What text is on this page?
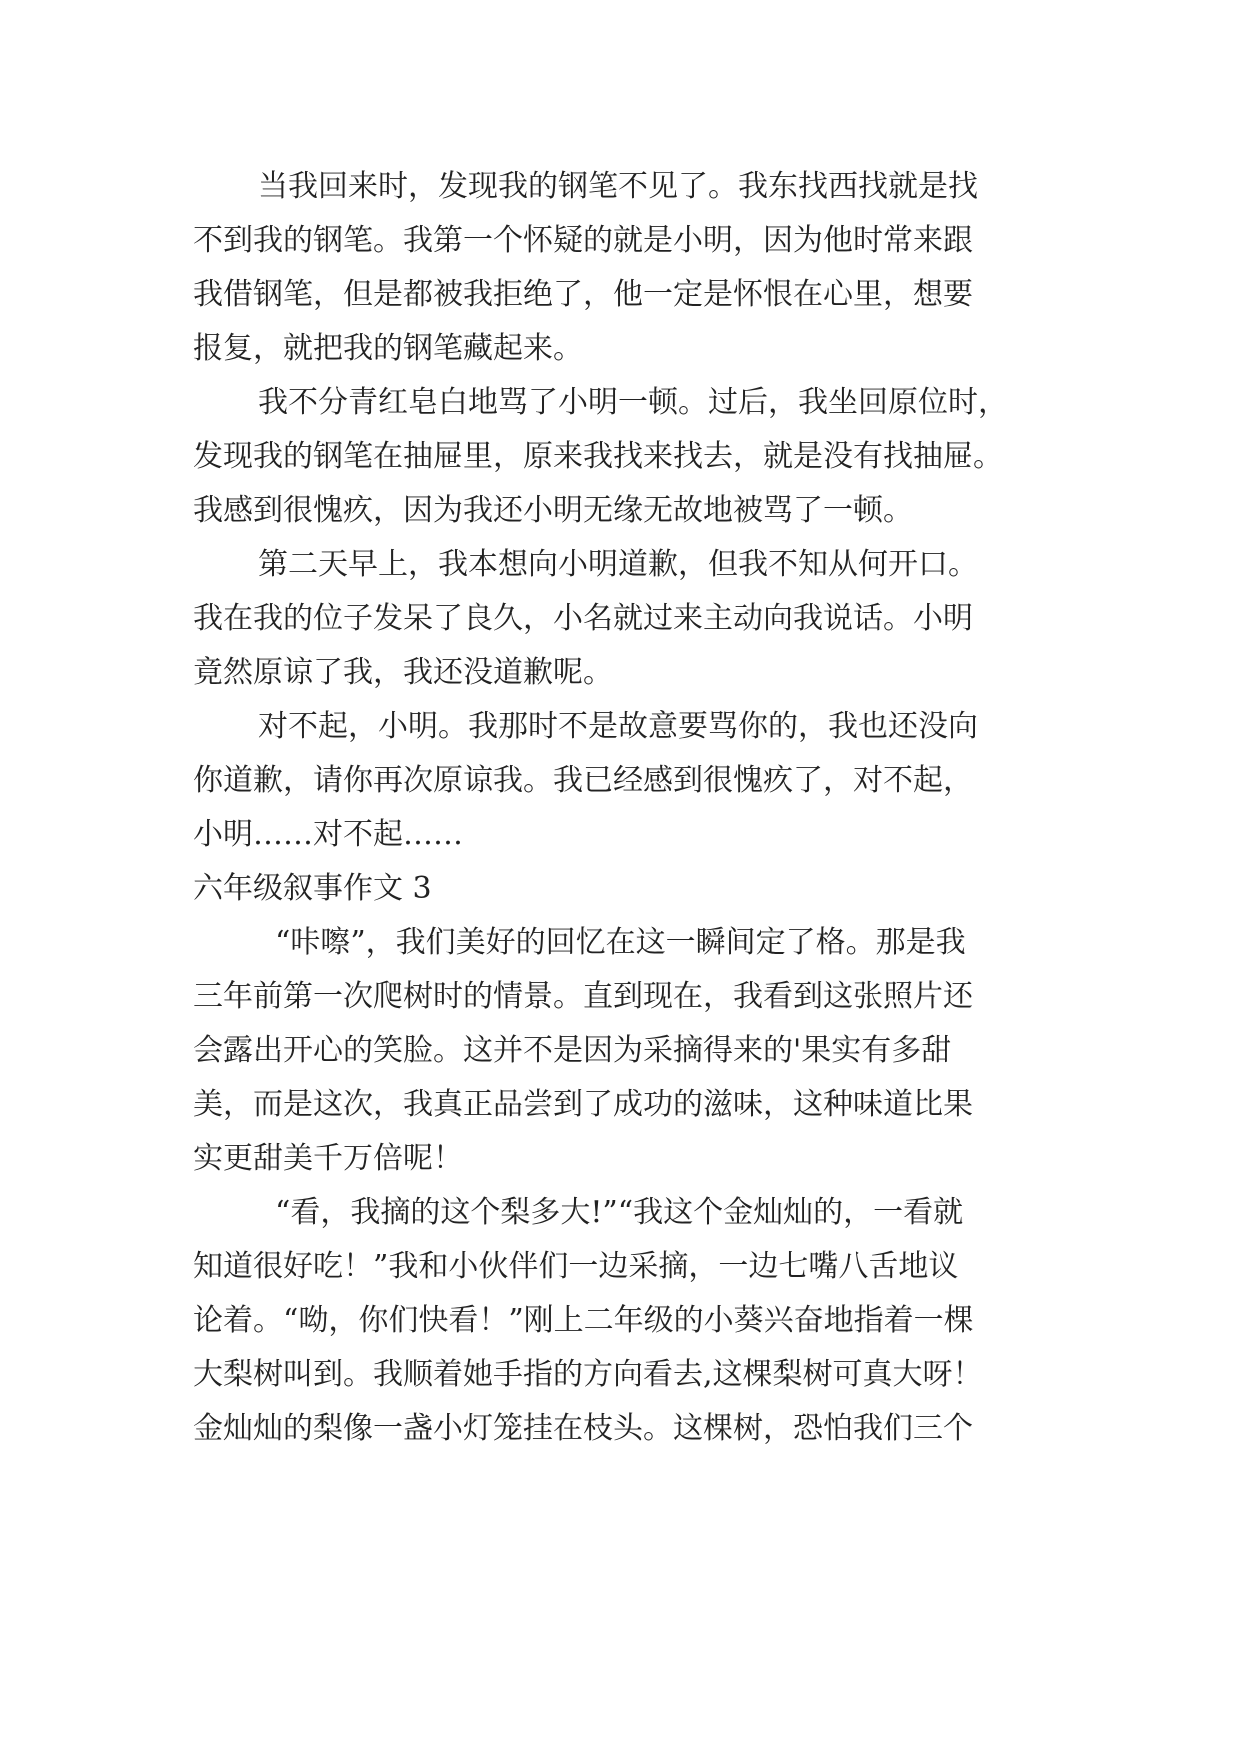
当我回来时，发现我的钢笔不见了。我东找西找就是找
不到我的钢笔。我第一个怀疑的就是小明，因为他时常来跟
我借钢笔，但是都被我拒绝了，他一定是怀恨在心里，想要
报复，就把我的钢笔藏起来。
我不分青红皂白地骂了小明一顿。过后，我坐回原位时，
发现我的钢笔在抽屉里，原来我找来找去，就是没有找抽屉。
我感到很愧疚，因为我还小明无缘无故地被骂了一顿。
第二天早上，我本想向小明道歉，但我不知从何开口。
我在我的位子发呆了良久，小名就过来主动向我说话。小明
竟然原谅了我，我还没道歉呢。
对不起，小明。我那时不是故意要骂你的，我也还没向
你道歉，请你再次原谅我。我已经感到很愧疚了，对不起，
小明……对不起……
六年级叙事作文 3
“咔嚓”，我们美好的回忆在这一瞬间定了格。那是我
三年前第一次爬树时的情景。直到现在，我看到这张照片还
会露出开心的笑脸。这并不是因为采摘得来的'果实有多甜
美，而是这次，我真正品尝到了成功的滋味，这种味道比果
实更甜美千万倍呢！
“看，我摘的这个梨多大!”“我这个金灿灿的，一看就
知道很好吃！”我和小伙伴们一边采摘，一边七嘴八舌地议
论着。“呦，你们快看！”刚上二年级的小葵兴奋地指着一棵
大梨树叫到。我顺着她手指的方向看去,这棵梨树可真大呀！
金灿灿的梨像一盏小灯笼挂在枝头。这棵树，恐怕我们三个
